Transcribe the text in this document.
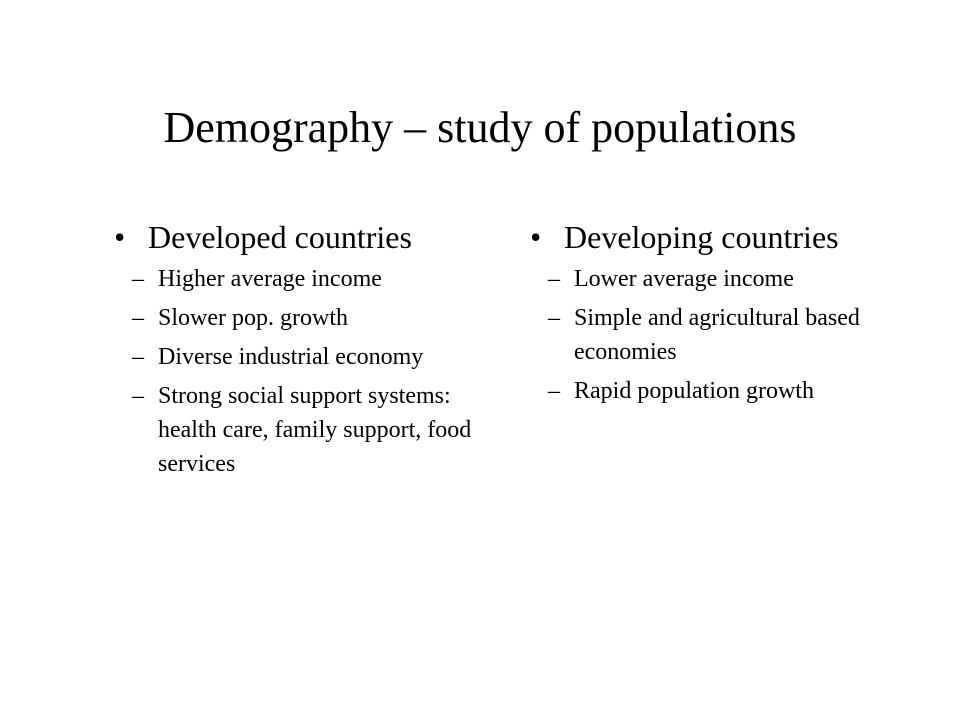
Demography – study of populations
• Developed countries
– Higher average income
– Slower pop. growth
– Diverse industrial economy
– Strong social support systems: health care, family support, food services
• Developing countries
– Lower average income
– Simple and agricultural based economies
– Rapid population growth
